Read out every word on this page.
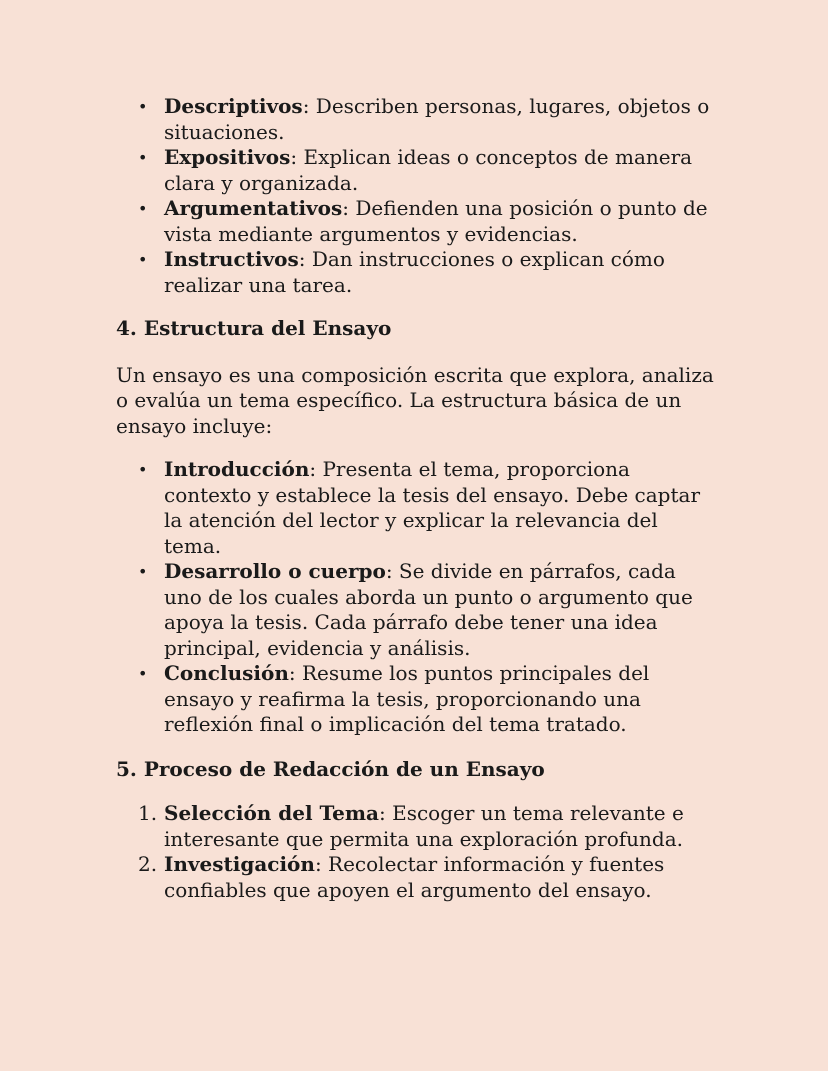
• Descriptivos: Describen personas, lugares, objetos o situaciones.
• Expositivos: Explican ideas o conceptos de manera clara y organizada.
• Argumentativos: Defienden una posición o punto de vista mediante argumentos y evidencias.
• Instructivos: Dan instrucciones o explican cómo realizar una tarea.
4. Estructura del Ensayo

Un ensayo es una composición escrita que explora, analiza o evalúa un tema específico. La estructura básica de un ensayo incluye:

• Introducción: Presenta el tema, proporciona contexto y establece la tesis del ensayo. Debe captar la atención del lector y explicar la relevancia del tema.
• Desarrollo o cuerpo: Se divide en párrafos, cada uno de los cuales aborda un punto o argumento que apoya la tesis. Cada párrafo debe tener una idea principal, evidencia y análisis.
• Conclusión: Resume los puntos principales del ensayo y reafirma la tesis, proporcionando una reflexión final o implicación del tema tratado.
5. Proceso de Redacción de un Ensayo
1. Selección del Tema: Escoger un tema relevante e interesante que permita una exploración profunda.
2. Investigación: Recolectar información y fuentes confiables que apoyen el argumento del ensayo.
